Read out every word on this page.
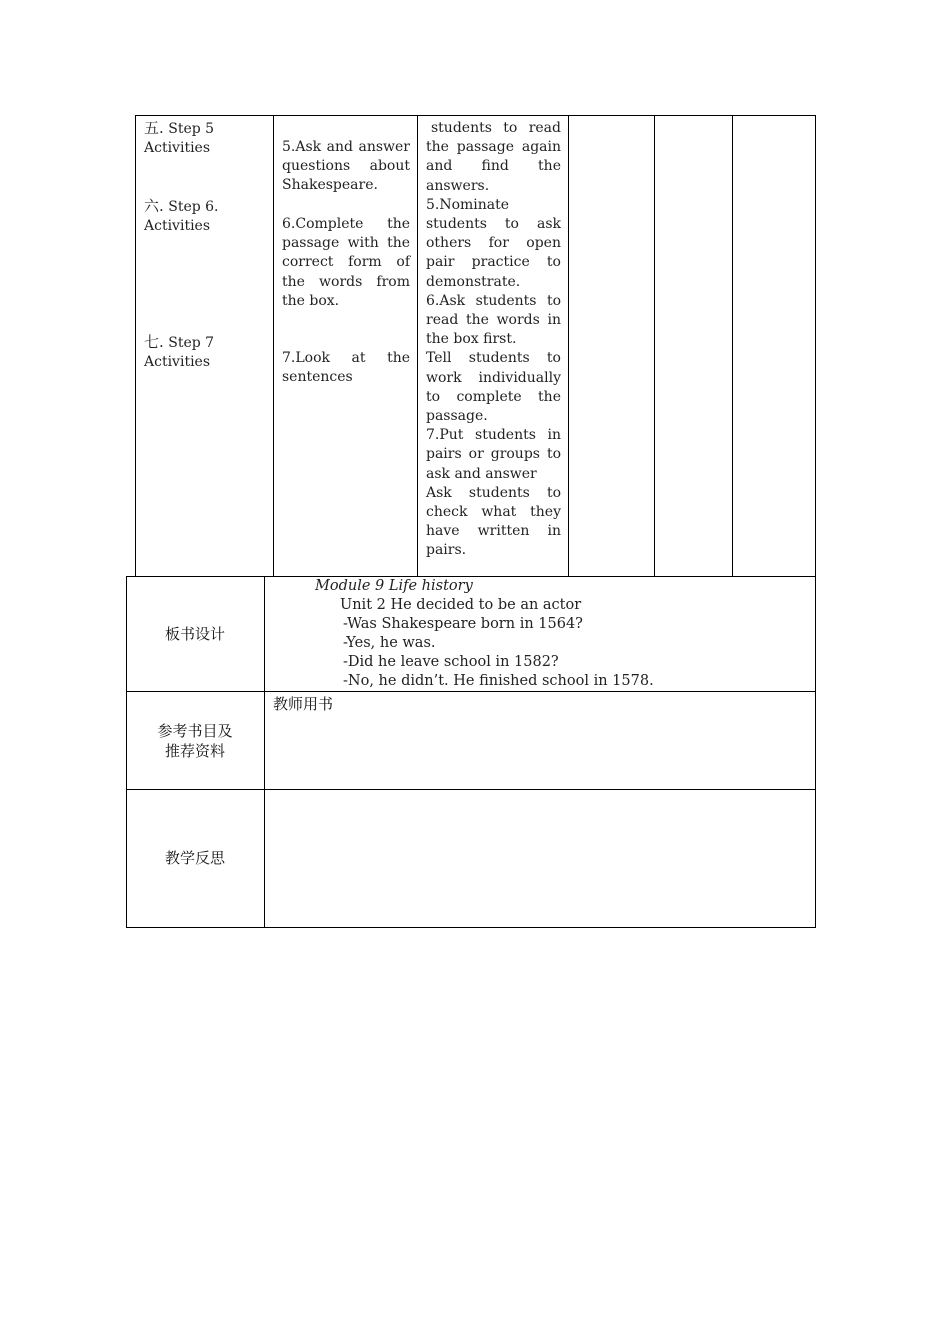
五. Step 5
Activities
六. Step 6.
Activities
七. Step 7
Activities

5.Ask and answer questions about Shakespeare.

6.Complete the passage with the correct form of the words from the box.

7.Look at the sentences

students to read the passage again and find the answers.

5.Nominate students to ask others for open pair practice to demonstrate.

6.Ask students to read the words in the box first.

Tell students to work individually to complete the passage.

7.Put students in pairs or groups to ask and answer

Ask students to check what they have written in pairs.

板书设计
Module 9 Life history
Unit 2 He decided to be an actor
-Was Shakespeare born in 1564?
-Yes, he was.
-Did he leave school in 1582?
-No, he didn’t. He finished school in 1578.
参考书目及
推荐资料
教师用书
教学反思
